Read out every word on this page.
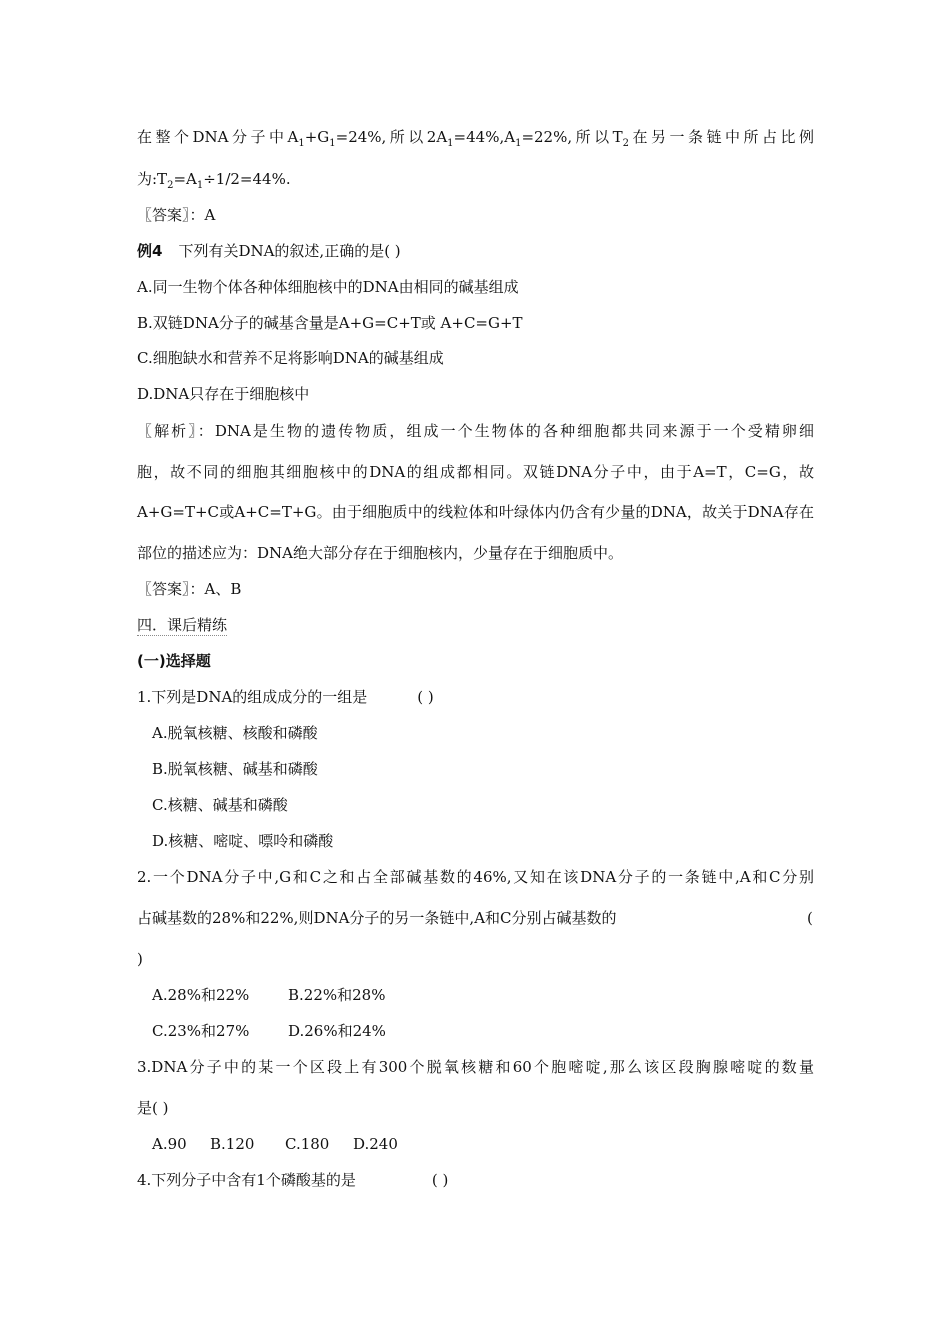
在整个DNA分子中$A_1+G_1=24\%$,所以$2A_1=44\%,A_1=22\%$,所以$T_2$在另一条链中所占比例
为$:T_2=A_1\div 1/2=44\%$.
〖答案〗：A
例4 下列有关DNA的叙述,正确的是( )
A.同一生物个体各种体细胞核中的DNA由相同的碱基组成
B.双链DNA分子的碱基含量是A+G=C+T或 A+C=G+T
C.细胞缺水和营养不足将影响DNA的碱基组成
D.DNA只存在于细胞核中
〖解析〗：DNA是生物的遗传物质，组成一个生物体的各种细胞都共同来源于一个受精卵细
胞，故不同的细胞其细胞核中的DNA的组成都相同。双链DNA分子中，由于A=T，C=G，故
A+G=T+C或A+C=T+G。由于细胞质中的线粒体和叶绿体内仍含有少量的DNA，故关于DNA存在
部位的描述应为：DNA绝大部分存在于细胞核内，少量存在于细胞质中。
〖答案〗：A、B
四．课后精练
(一)选择题
1.下列是DNA的组成成分的一组是	( )
A.脱氧核糖、核酸和磷酸
B.脱氧核糖、碱基和磷酸
C.核糖、碱基和磷酸
D.核糖、嘧啶、嘌呤和磷酸
2.一个DNA分子中,G和C之和占全部碱基数的46%,又知在该DNA分子的一条链中,A和C分别
占碱基数的28%和22%,则DNA分子的另一条链中,A和C分别占碱基数的	(
)
A.28%和22%	B.22%和28%
C.23%和27%	D.26%和24%
3.DNA分子中的某一个区段上有300个脱氧核糖和60个胞嘧啶,那么该区段胸腺嘧啶的数量
是( )
A.90 B.120 C.180 D.240
4.下列分子中含有1个磷酸基的是	( )
